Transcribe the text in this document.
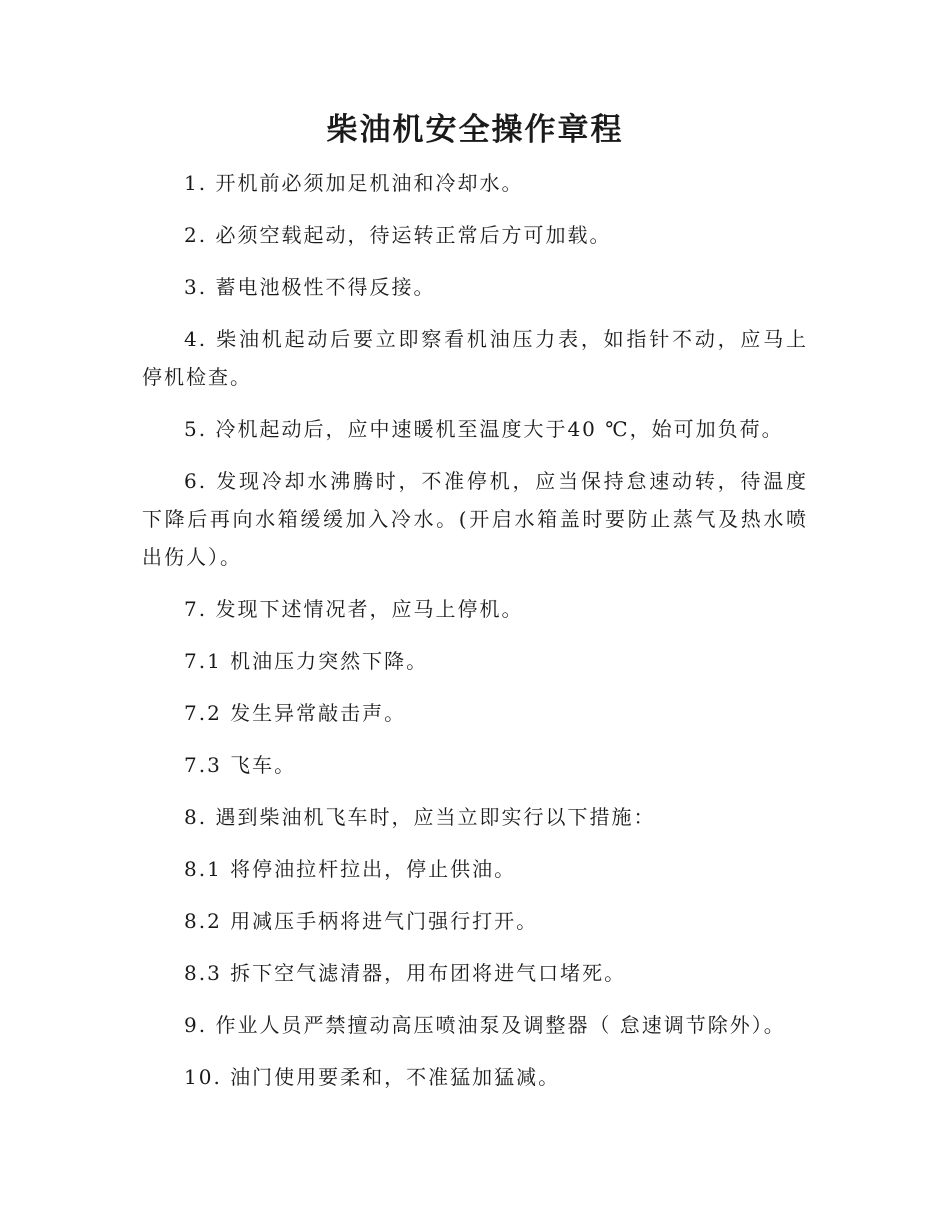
柴油机安全操作章程
1. 开机前必须加足机油和冷却水。
2. 必须空载起动，待运转正常后方可加载。
3. 蓄电池极性不得反接。
4. 柴油机起动后要立即察看机油压力表，如指针不动，应马上停机检查。
5. 冷机起动后，应中速暖机至温度大于40 ℃，始可加负荷。
6. 发现冷却水沸腾时，不准停机，应当保持怠速动转，待温度下降后再向水箱缓缓加入冷水。(开启水箱盖时要防止蒸气及热水喷出伤人）。
7. 发现下述情况者，应马上停机。
7.1 机油压力突然下降。
7.2 发生异常敲击声。
7.3 飞车。
8. 遇到柴油机飞车时，应当立即实行以下措施：
8.1 将停油拉杆拉出，停止供油。
8.2 用减压手柄将进气门强行打开。
8.3 拆下空气滤清器，用布团将进气口堵死。
9. 作业人员严禁擅动高压喷油泵及调整器（ 怠速调节除外）。
10. 油门使用要柔和，不准猛加猛减。
